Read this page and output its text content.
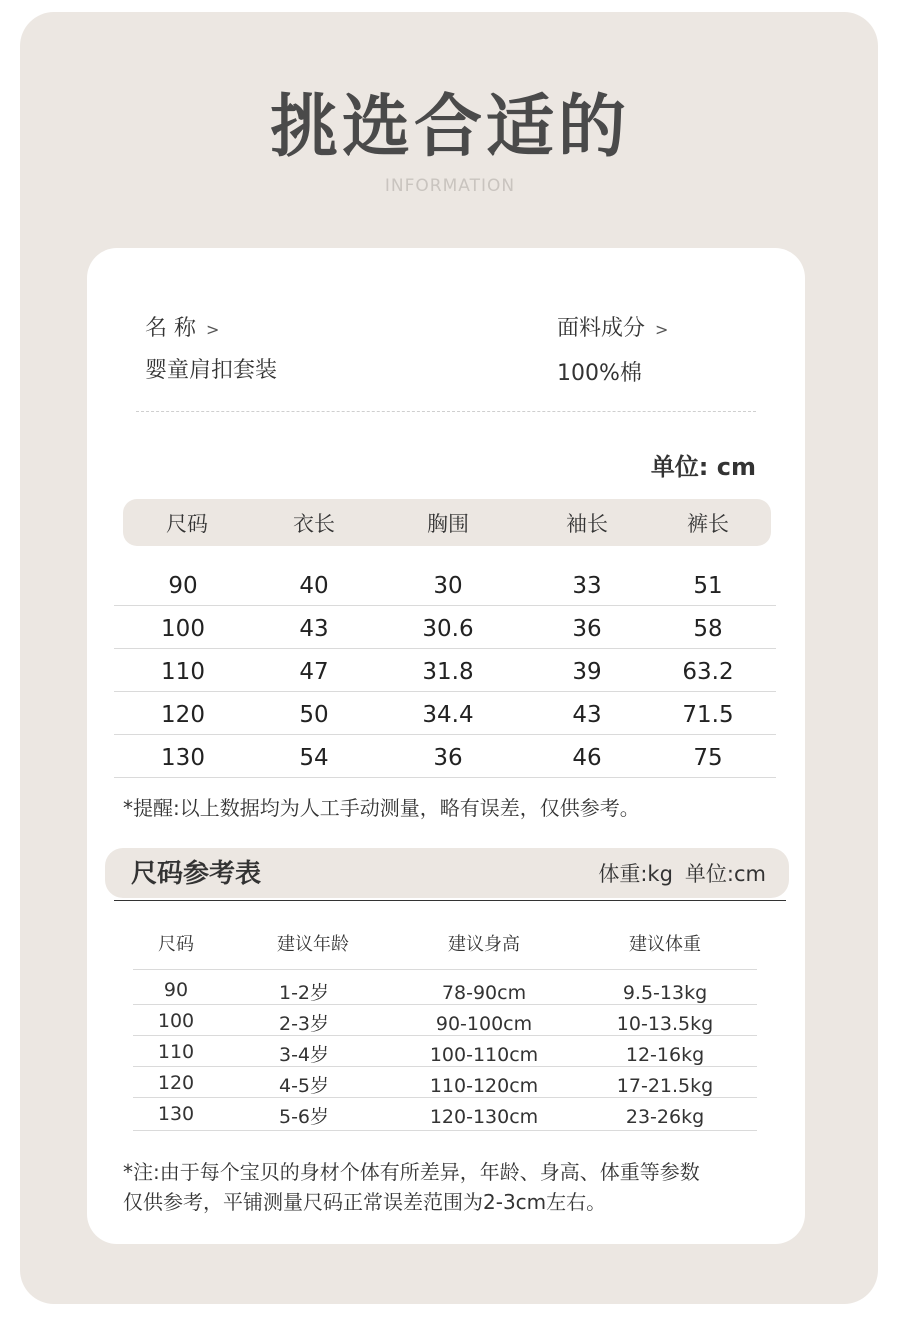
挑选合适的
INFORMATION
名 称 >
婴童肩扣套装
面料成分 >
100%棉
单位: cm
尺码	衣长	胸围	袖长	裤长
90	40	30	33	51
100	43	30.6	36	58
110	47	31.8	39	63.2
120	50	34.4	43	71.5
130	54	36	46	75
*提醒:以上数据均为人工手动测量，略有误差，仅供参考。
尺码参考表	体重:kg 单位:cm
尺码	建议年龄	建议身高	建议体重
90	1-2岁	78-90cm	9.5-13kg
100	2-3岁	90-100cm	10-13.5kg
110	3-4岁	100-110cm	12-16kg
120	4-5岁	110-120cm	17-21.5kg
130	5-6岁	120-130cm	23-26kg
*注:由于每个宝贝的身材个体有所差异，年龄、身高、体重等参数
仅供参考，平铺测量尺码正常误差范围为2-3cm左右。
